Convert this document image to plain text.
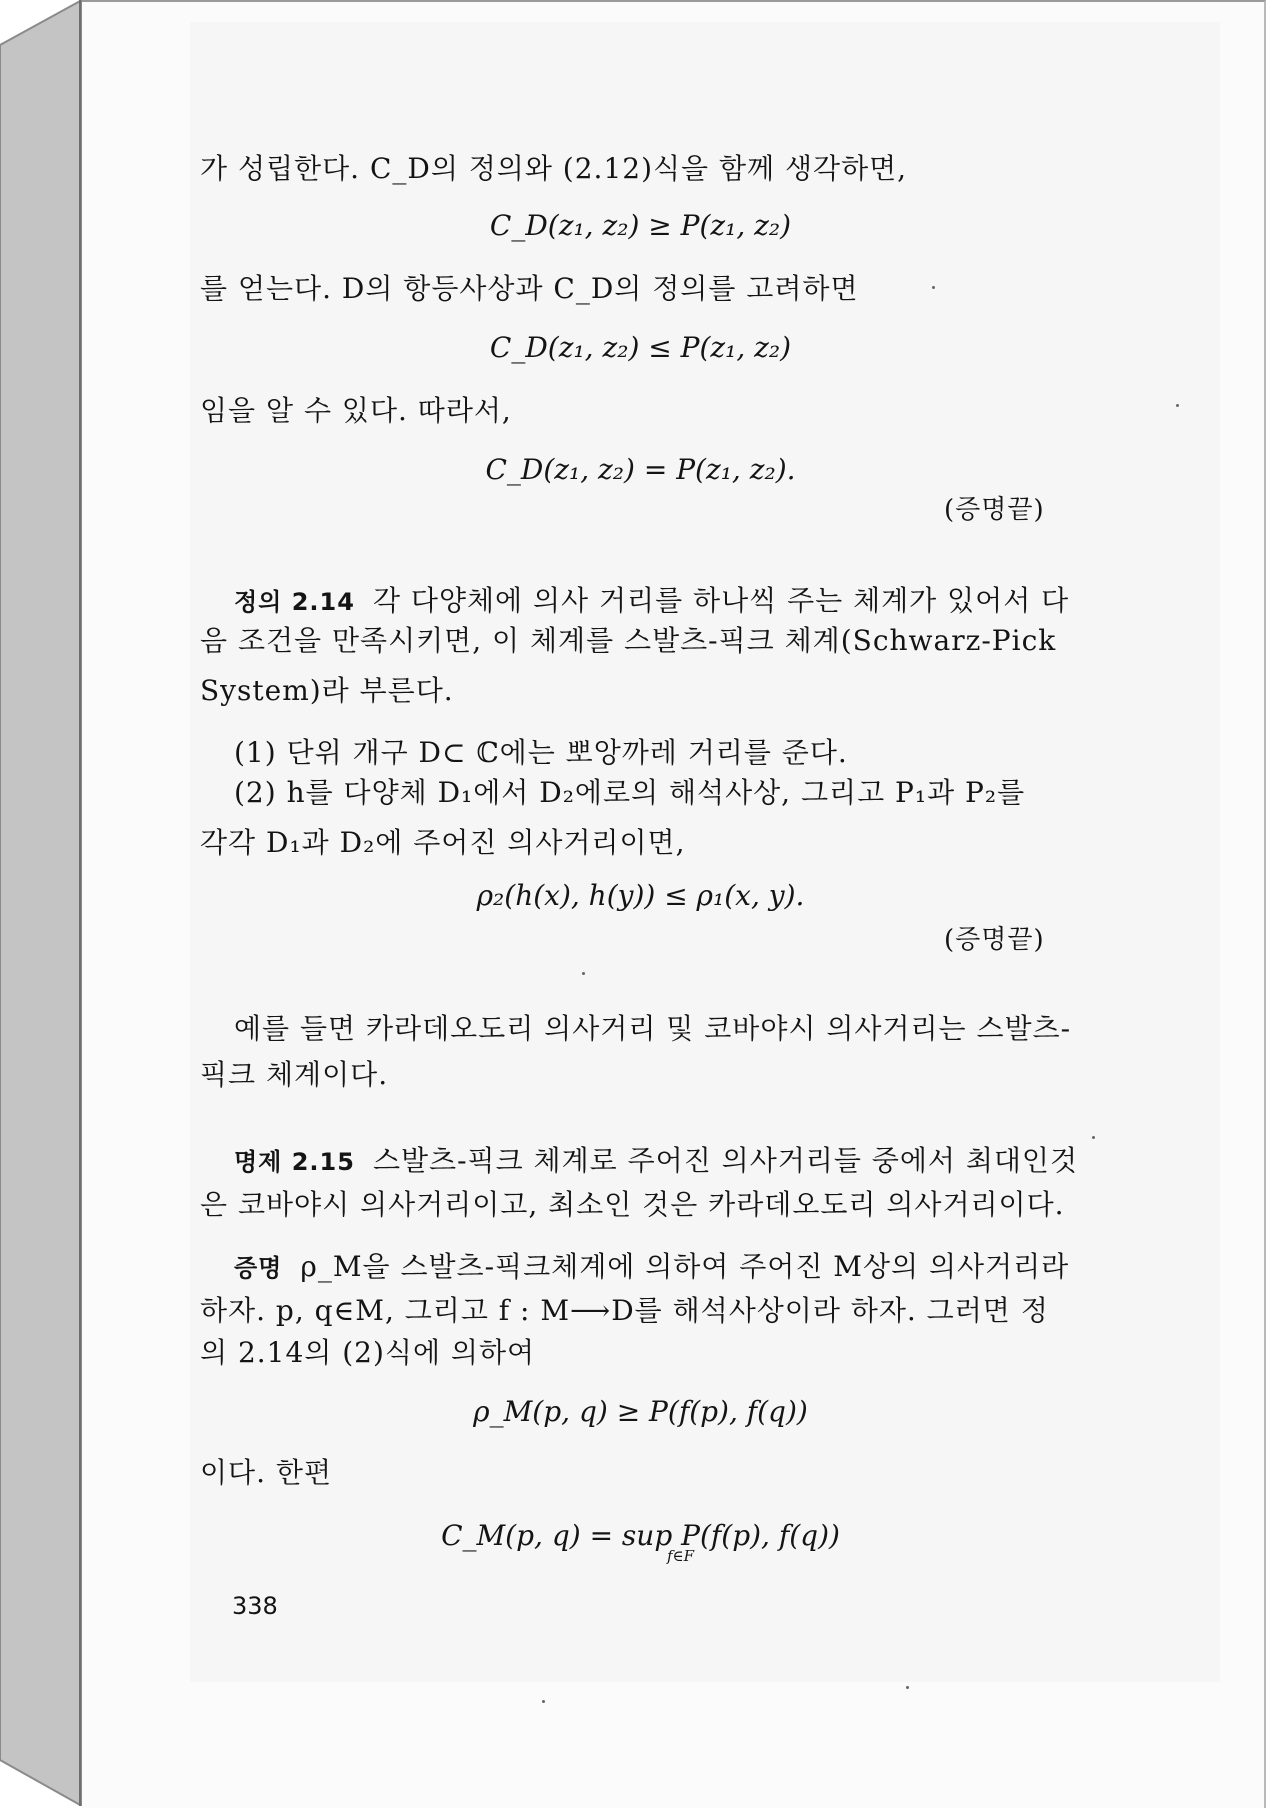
가 성립한다. C_D의 정의와 (2.12)식을 함께 생각하면,
C_D(z₁, z₂) ≥ P(z₁, z₂)
를 얻는다. D의 항등사상과 C_D의 정의를 고려하면
C_D(z₁, z₂) ≤ P(z₁, z₂)
임을 알 수 있다. 따라서,
C_D(z₁, z₂) = P(z₁, z₂).
(증명끝)
정의 2.14 각 다양체에 의사 거리를 하나씩 주는 체계가 있어서 다
음 조건을 만족시키면, 이 체계를 스발츠-픽크 체계(Schwarz-Pick
System)라 부른다.
(1) 단위 개구 D⊂ ℂ에는 뽀앙까레 거리를 준다.
(2) h를 다양체 D₁에서 D₂에로의 해석사상, 그리고 P₁과 P₂를
각각 D₁과 D₂에 주어진 의사거리이면,
ρ₂(h(x), h(y)) ≤ ρ₁(x, y).
(증명끝)
예를 들면 카라데오도리 의사거리 및 코바야시 의사거리는 스발츠-
픽크 체계이다.
명제 2.15 스발츠-픽크 체계로 주어진 의사거리들 중에서 최대인것
은 코바야시 의사거리이고, 최소인 것은 카라데오도리 의사거리이다.
증명 ρ_M을 스발츠-픽크체계에 의하여 주어진 M상의 의사거리라
하자. p, q∈M, 그리고 f : M⟶D를 해석사상이라 하자. 그러면 정
의 2.14의 (2)식에 의하여
ρ_M(p, q) ≥ P(f(p), f(q))
이다. 한편
C_M(p, q) = sup P(f(p), f(q))
f∈F
338
